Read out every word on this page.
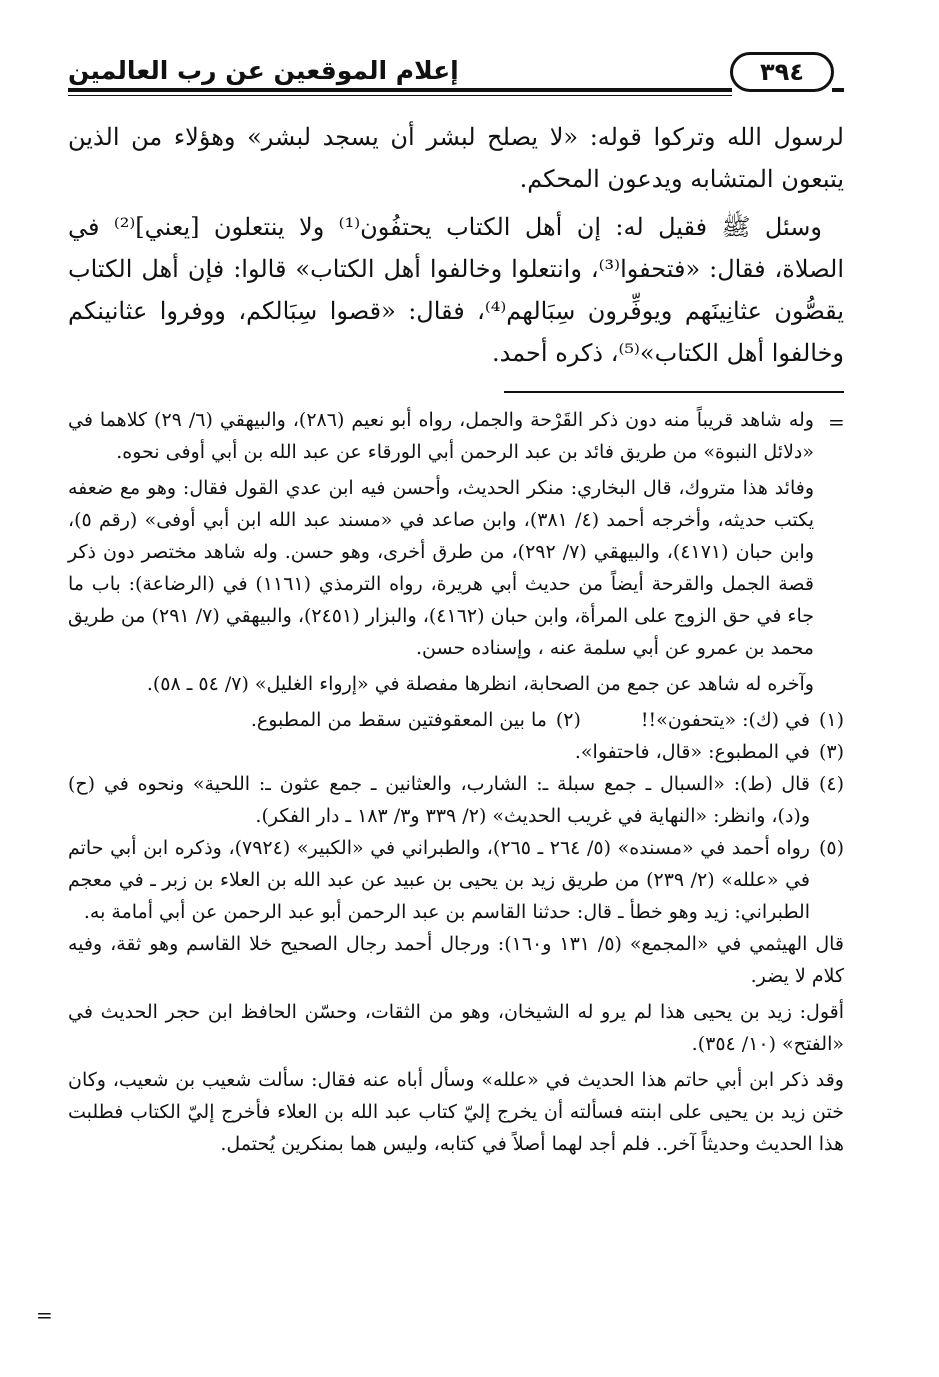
إعلام الموقعين عن رب العالمين	٣٩٤

لرسول الله وتركوا قوله: «لا يصلح لبشر أن يسجد لبشر» وهؤلاء من الذين يتبعون المتشابه ويدعون المحكم.

وسئل ﷺ فقيل له: إن أهل الكتاب يحتفُون⁽¹⁾ ولا ينتعلون [يعني]⁽²⁾ في الصلاة، فقال: «فتحفوا⁽³⁾، وانتعلوا وخالفوا أهل الكتاب» قالوا: فإن أهل الكتاب يقصُّون عثانِينَهم ويوفِّرون سِبَالهم⁽⁴⁾، فقال: «قصوا سِبَالكم، ووفروا عثانينكم وخالفوا أهل الكتاب»⁽⁵⁾، ذكره أحمد.

=

وله شاهد قريباً منه دون ذكر القَرْحة والجمل، رواه أبو نعيم (٢٨٦)، والبيهقي (٦/ ٢٩) كلاهما في «دلائل النبوة» من طريق فائد بن عبد الرحمن أبي الورقاء عن عبد الله بن أبي أوفى نحوه.

وفائد هذا متروك، قال البخاري: منكر الحديث، وأحسن فيه ابن عدي القول فقال: وهو مع ضعفه يكتب حديثه، وأخرجه أحمد (٤/ ٣٨١)، وابن صاعد في «مسند عبد الله ابن أبي أوفى» (رقم ٥)، وابن حبان (٤١٧١)، والبيهقي (٧/ ٢٩٢)، من طرق أخرى، وهو حسن. وله شاهد مختصر دون ذكر قصة الجمل والقرحة أيضاً من حديث أبي هريرة، رواه الترمذي (١١٦١) في (الرضاعة): باب ما جاء في حق الزوج على المرأة، وابن حبان (٤١٦٢)، والبزار (٢٤٥١)، والبيهقي (٧/ ٢٩١) من طريق محمد بن عمرو عن أبي سلمة عنه ، وإسناده حسن.

وآخره له شاهد عن جمع من الصحابة، انظرها مفصلة في «إرواء الغليل» (٧/ ٥٤ ـ ٥٨).

(١)
في (ك): «يتحفون»!!
(٢)
ما بين المعقوفتين سقط من المطبوع.
(٣)
في المطبوع: «قال، فاحتفوا».
(٤)
قال (ط): «السبال ـ جمع سبلة ـ: الشارب، والعثانين ـ جمع عثون ـ: اللحية» ونحوه في (ح) و(د)، وانظر: «النهاية في غريب الحديث» (٢/ ٣٣٩ و٣/ ١٨٣ ـ دار الفكر).
(٥)
رواه أحمد في «مسنده» (٥/ ٢٦٤ ـ ٢٦٥)، والطبراني في «الكبير» (٧٩٢٤)، وذكره ابن أبي حاتم في «علله» (٢/ ٢٣٩) من طريق زيد بن يحيى بن عبيد عن عبد الله بن العلاء بن زبر ـ في معجم الطبراني: زيد وهو خطأ ـ قال: حدثنا القاسم بن عبد الرحمن أبو عبد الرحمن عن أبي أمامة به.

قال الهيثمي في «المجمع» (٥/ ١٣١ و١٦٠): ورجال أحمد رجال الصحيح خلا القاسم وهو ثقة، وفيه كلام لا يضر.

أقول: زيد بن يحيى هذا لم يرو له الشيخان، وهو من الثقات، وحسّن الحافظ ابن حجر الحديث في «الفتح» (١٠/ ٣٥٤).

وقد ذكر ابن أبي حاتم هذا الحديث في «علله» وسأل أباه عنه فقال: سألت شعيب بن شعيب، وكان ختن زيد بن يحيى على ابنته فسألته أن يخرج إليّ كتاب عبد الله بن العلاء فأخرج إليّ الكتاب فطلبت هذا الحديث وحديثاً آخر.. فلم أجد لهما أصلاً في كتابه، وليس هما بمنكرين يُحتمل.

=
